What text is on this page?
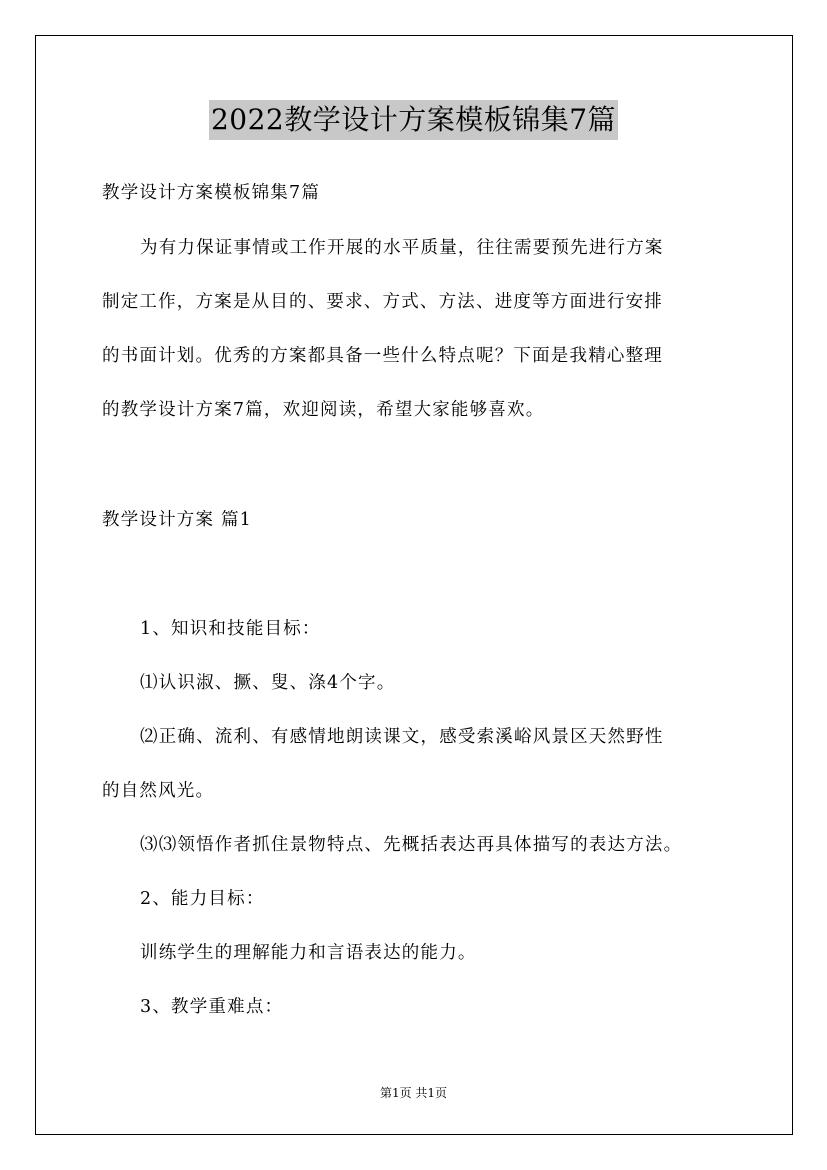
2022教学设计方案模板锦集7篇
教学设计方案模板锦集7篇
为有力保证事情或工作开展的水平质量，往往需要预先进行方案
制定工作，方案是从目的、要求、方式、方法、进度等方面进行安排
的书面计划。优秀的方案都具备一些什么特点呢？下面是我精心整理
的教学设计方案7篇，欢迎阅读，希望大家能够喜欢。
教学设计方案 篇1
1、知识和技能目标：
⑴认识淑、撅、叟、涤4个字。
⑵正确、流利、有感情地朗读课文，感受索溪峪风景区天然野性
的自然风光。
⑶⑶领悟作者抓住景物特点、先概括表达再具体描写的表达方法。
2、能力目标：
训练学生的理解能力和言语表达的能力。
3、教学重难点：
第1页 共1页
